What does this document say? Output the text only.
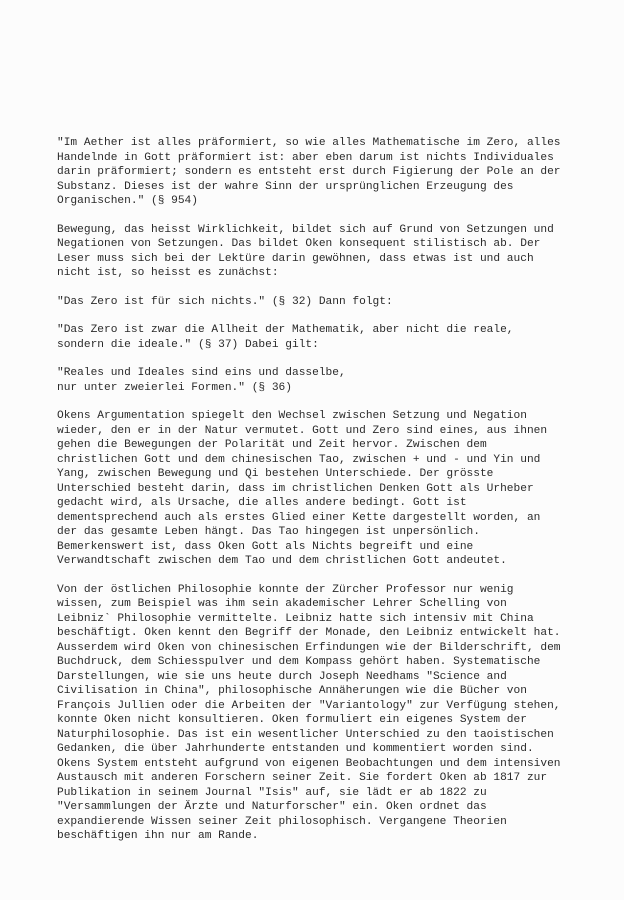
"Im Aether ist alles präformiert, so wie alles Mathematische im Zero, alles
Handelnde in Gott präformiert ist: aber eben darum ist nichts Individuales
darin präformiert; sondern es entsteht erst durch Figierung der Pole an der
Substanz. Dieses ist der wahre Sinn der ursprünglichen Erzeugung des
Organischen." (§ 954)
Bewegung, das heisst Wirklichkeit, bildet sich auf Grund von Setzungen und
Negationen von Setzungen. Das bildet Oken konsequent stilistisch ab. Der
Leser muss sich bei der Lektüre darin gewöhnen, dass etwas ist und auch
nicht ist, so heisst es zunächst:
"Das Zero ist für sich nichts." (§ 32) Dann folgt:
"Das Zero ist zwar die Allheit der Mathematik, aber nicht die reale,
sondern die ideale." (§ 37) Dabei gilt:
"Reales und Ideales sind eins und dasselbe,
nur unter zweierlei Formen." (§ 36)
Okens Argumentation spiegelt den Wechsel zwischen Setzung und Negation
wieder, den er in der Natur vermutet. Gott und Zero sind eines, aus ihnen
gehen die Bewegungen der Polarität und Zeit hervor. Zwischen dem
christlichen Gott und dem chinesischen Tao, zwischen + und - und Yin und
Yang, zwischen Bewegung und Qi bestehen Unterschiede. Der grösste
Unterschied besteht darin, dass im christlichen Denken Gott als Urheber
gedacht wird, als Ursache, die alles andere bedingt. Gott ist
dementsprechend auch als erstes Glied einer Kette dargestellt worden, an
der das gesamte Leben hängt. Das Tao hingegen ist unpersönlich.
Bemerkenswert ist, dass Oken Gott als Nichts begreift und eine
Verwandtschaft zwischen dem Tao und dem christlichen Gott andeutet.
Von der östlichen Philosophie konnte der Zürcher Professor nur wenig
wissen, zum Beispiel was ihm sein akademischer Lehrer Schelling von
Leibniz` Philosophie vermittelte. Leibniz hatte sich intensiv mit China
beschäftigt. Oken kennt den Begriff der Monade, den Leibniz entwickelt hat.
Ausserdem wird Oken von chinesischen Erfindungen wie der Bilderschrift, dem
Buchdruck, dem Schiesspulver und dem Kompass gehört haben. Systematische
Darstellungen, wie sie uns heute durch Joseph Needhams "Science and
Civilisation in China", philosophische Annäherungen wie die Bücher von
François Jullien oder die Arbeiten der "Variantology" zur Verfügung stehen,
konnte Oken nicht konsultieren. Oken formuliert ein eigenes System der
Naturphilosophie. Das ist ein wesentlicher Unterschied zu den taoistischen
Gedanken, die über Jahrhunderte entstanden und kommentiert worden sind.
Okens System entsteht aufgrund von eigenen Beobachtungen und dem intensiven
Austausch mit anderen Forschern seiner Zeit. Sie fordert Oken ab 1817 zur
Publikation in seinem Journal "Isis" auf, sie lädt er ab 1822 zu
"Versammlungen der Ärzte und Naturforscher" ein. Oken ordnet das
expandierende Wissen seiner Zeit philosophisch. Vergangene Theorien
beschäftigen ihn nur am Rande.
